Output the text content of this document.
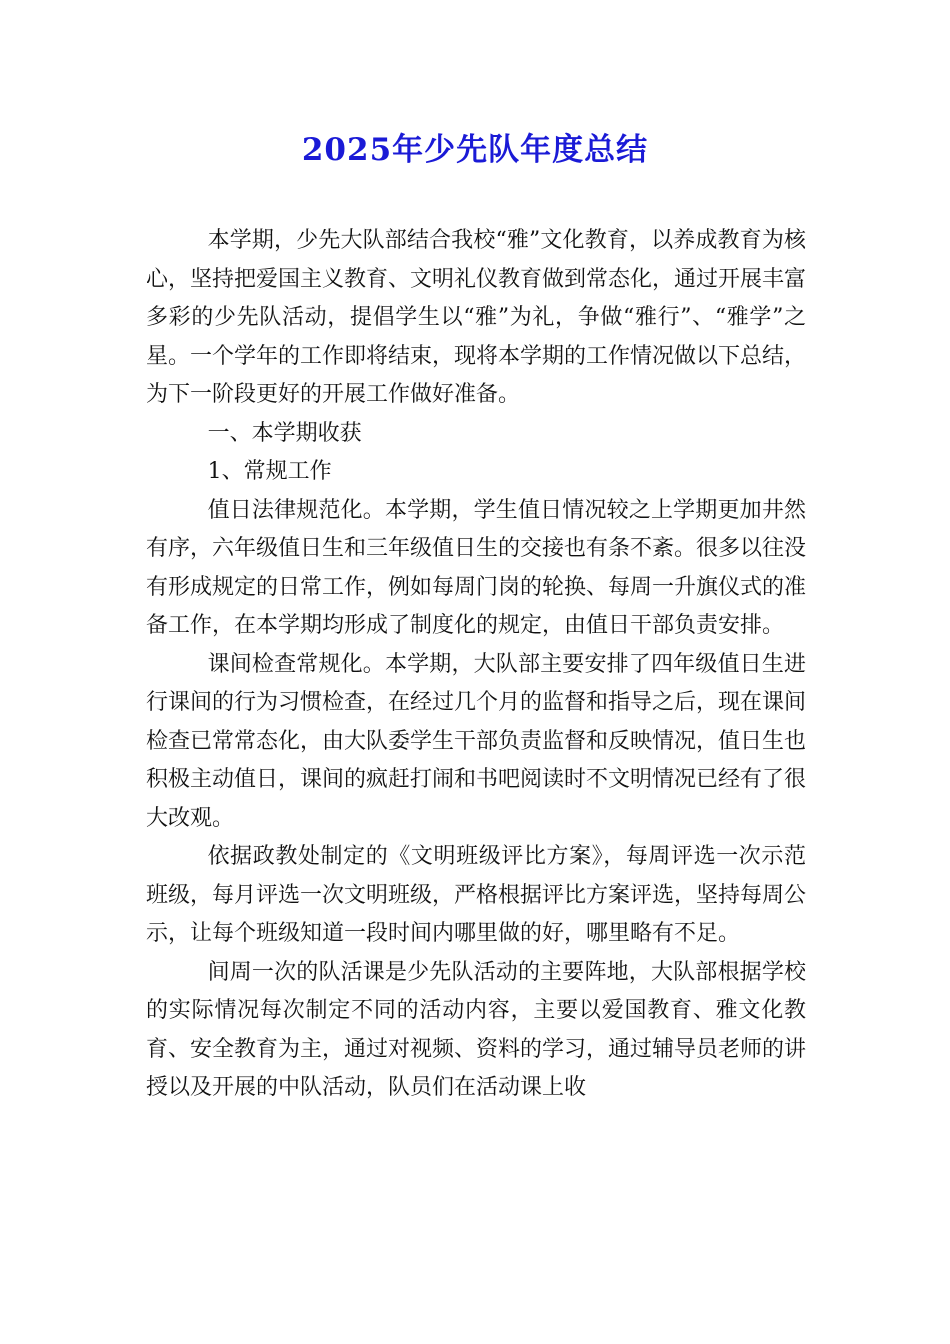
2025年少先队年度总结

本学期，少先大队部结合我校“雅”文化教育，以养成教育为核心，坚持把爱国主义教育、文明礼仪教育做到常态化，通过开展丰富多彩的少先队活动，提倡学生以“雅”为礼，争做“雅行”、“雅学”之星。一个学年的工作即将结束，现将本学期的工作情况做以下总结，为下一阶段更好的开展工作做好准备。

一、本学期收获

1、常规工作

值日法律规范化。本学期，学生值日情况较之上学期更加井然有序，六年级值日生和三年级值日生的交接也有条不紊。很多以往没有形成规定的日常工作，例如每周门岗的轮换、每周一升旗仪式的准备工作，在本学期均形成了制度化的规定，由值日干部负责安排。

课间检查常规化。本学期，大队部主要安排了四年级值日生进行课间的行为习惯检查，在经过几个月的监督和指导之后，现在课间检查已常常态化，由大队委学生干部负责监督和反映情况，值日生也积极主动值日，课间的疯赶打闹和书吧阅读时不文明情况已经有了很大改观。

依据政教处制定的《文明班级评比方案》，每周评选一次示范班级，每月评选一次文明班级，严格根据评比方案评选，坚持每周公示，让每个班级知道一段时间内哪里做的好，哪里略有不足。

间周一次的队活课是少先队活动的主要阵地，大队部根据学校的实际情况每次制定不同的活动内容，主要以爱国教育、雅文化教育、安全教育为主，通过对视频、资料的学习，通过辅导员老师的讲授以及开展的中队活动，队员们在活动课上收
